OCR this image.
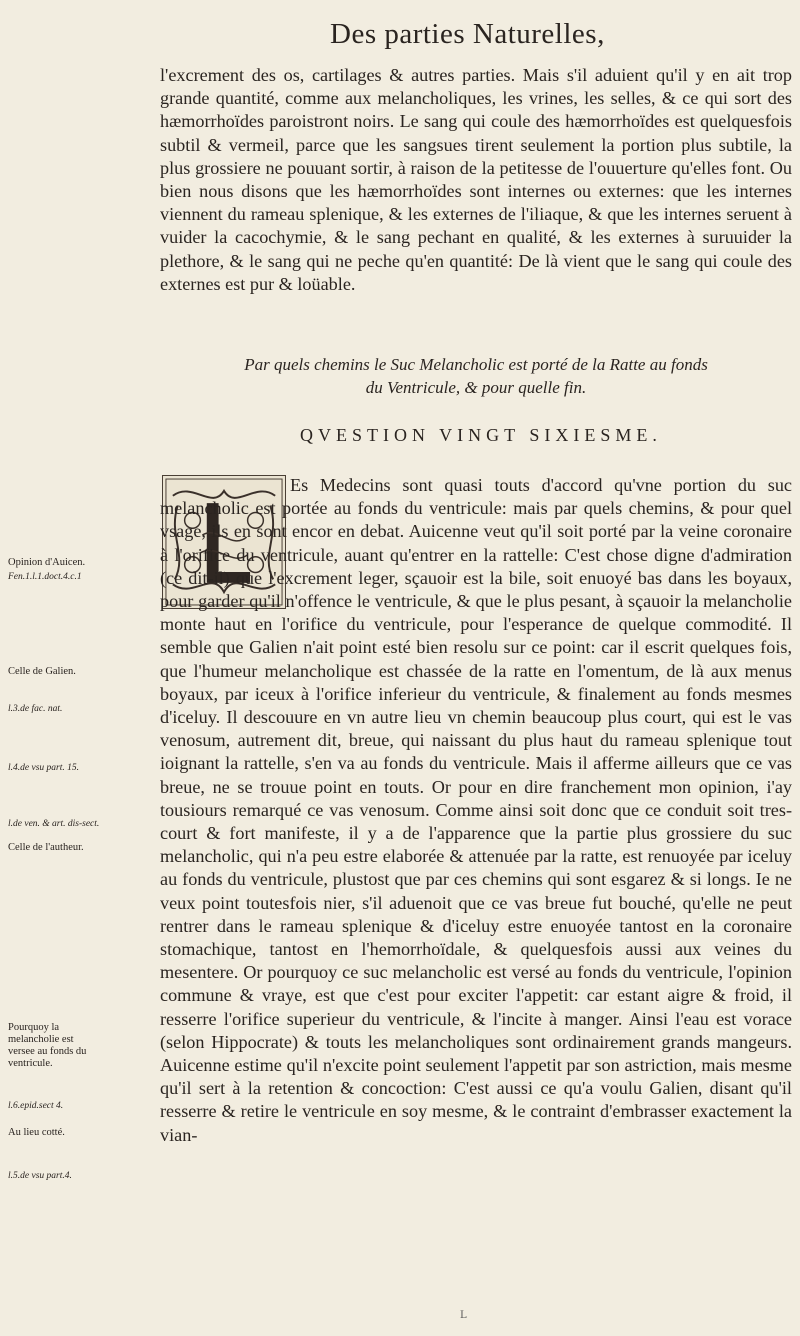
Des parties Naturelles,

l'excrement des os, cartilages & autres parties. Mais s'il aduient qu'il y en ait trop grande quantité, comme aux melancholiques, les vrines, les selles, & ce qui sort des hæmorrhoïdes paroistront noirs. Le sang qui coule des hæmorrhoïdes est quelquesfois subtil & vermeil, parce que les sangsues tirent seulement la portion plus subtile, la plus grossiere ne pouuant sortir, à raison de la petitesse de l'ouuerture qu'elles font. Ou bien nous disons que les hæmorrhoïdes sont internes ou externes: que les internes viennent du rameau splenique, & les externes de l'iliaque, & que les internes seruent à vuider la cacochymie, & le sang pechant en qualité, & les externes à suruuider la plethore, & le sang qui ne peche qu'en quantité: De là vient que le sang qui coule des externes est pur & loüable.

Par quels chemins le Suc Melancholic est porté de la Ratte au fonds
du Ventricule, & pour quelle fin.
QVESTION VINGT SIXIESME.

Es Medecins sont quasi touts d'accord qu'vne portion du suc melancholic est portée au fonds du ventricule: mais par quels chemins, & pour quel vsage, ils en sont encor en debat. Auicenne veut qu'il soit porté par la veine coronaire à l'orifice du ventricule, auant qu'entrer en la rattelle: C'est chose digne d'admiration (ce dit-il) que l'excrement leger, sçauoir est la bile, soit enuoyé bas dans les boyaux, pour garder qu'il n'offence le ventricule, & que le plus pesant, à sçauoir la melancholie monte haut en l'orifice du ventricule, pour l'esperance de quelque commodité. Il semble que Galien n'ait point esté bien resolu sur ce point: car il escrit quelques fois, que l'humeur melancholique est chassée de la ratte en l'omentum, de là aux menus boyaux, par iceux à l'orifice inferieur du ventricule, & finalement au fonds mesmes d'iceluy. Il descouure en vn autre lieu vn chemin beaucoup plus court, qui est le vas venosum, autrement dit, breue, qui naissant du plus haut du rameau splenique tout ioignant la rattelle, s'en va au fonds du ventricule. Mais il afferme ailleurs que ce vas breue, ne se trouue point en touts. Or pour en dire franchement mon opinion, i'ay tousiours remarqué ce vas venosum. Comme ainsi soit donc que ce conduit soit tres-court & fort manifeste, il y a de l'apparence que la partie plus grossiere du suc melancholic, qui n'a peu estre elaborée & attenuée par la ratte, est renuoyée par iceluy au fonds du ventricule, plustost que par ces chemins qui sont esgarez & si longs. Ie ne veux point toutesfois nier, s'il aduenoit que ce vas breue fut bouché, qu'elle ne peut rentrer dans le rameau splenique & d'iceluy estre enuoyée tantost en la coronaire stomachique, tantost en l'hemorrhoïdale, & quelquesfois aussi aux veines du mesentere. Or pourquoy ce suc melancholic est versé au fonds du ventricule, l'opinion commune & vraye, est que c'est pour exciter l'appetit: car estant aigre & froid, il resserre l'orifice superieur du ventricule, & l'incite à manger. Ainsi l'eau est vorace (selon Hippocrate) & touts les melancholiques sont ordinairement grands mangeurs. Auicenne estime qu'il n'excite point seulement l'appetit par son astriction, mais mesme qu'il sert à la retention & concoction: C'est aussi ce qu'a voulu Galien, disant qu'il resserre & retire le ventricule en soy mesme, & le contraint d'embrasser exactement la vian-

Opinion d'Auicen.
Fen.1.l.1.doct.4.c.1
Celle de Galien.
l.3.de fac. nat.
l.4.de vsu part. 15.
l.de ven. & art. dis-sect.
Celle de l'autheur.
Pourquoy la melancholie est versee au fonds du ventricule.
l.6.epid.sect 4.
Au lieu cotté.
l.5.de vsu part.4.
L
